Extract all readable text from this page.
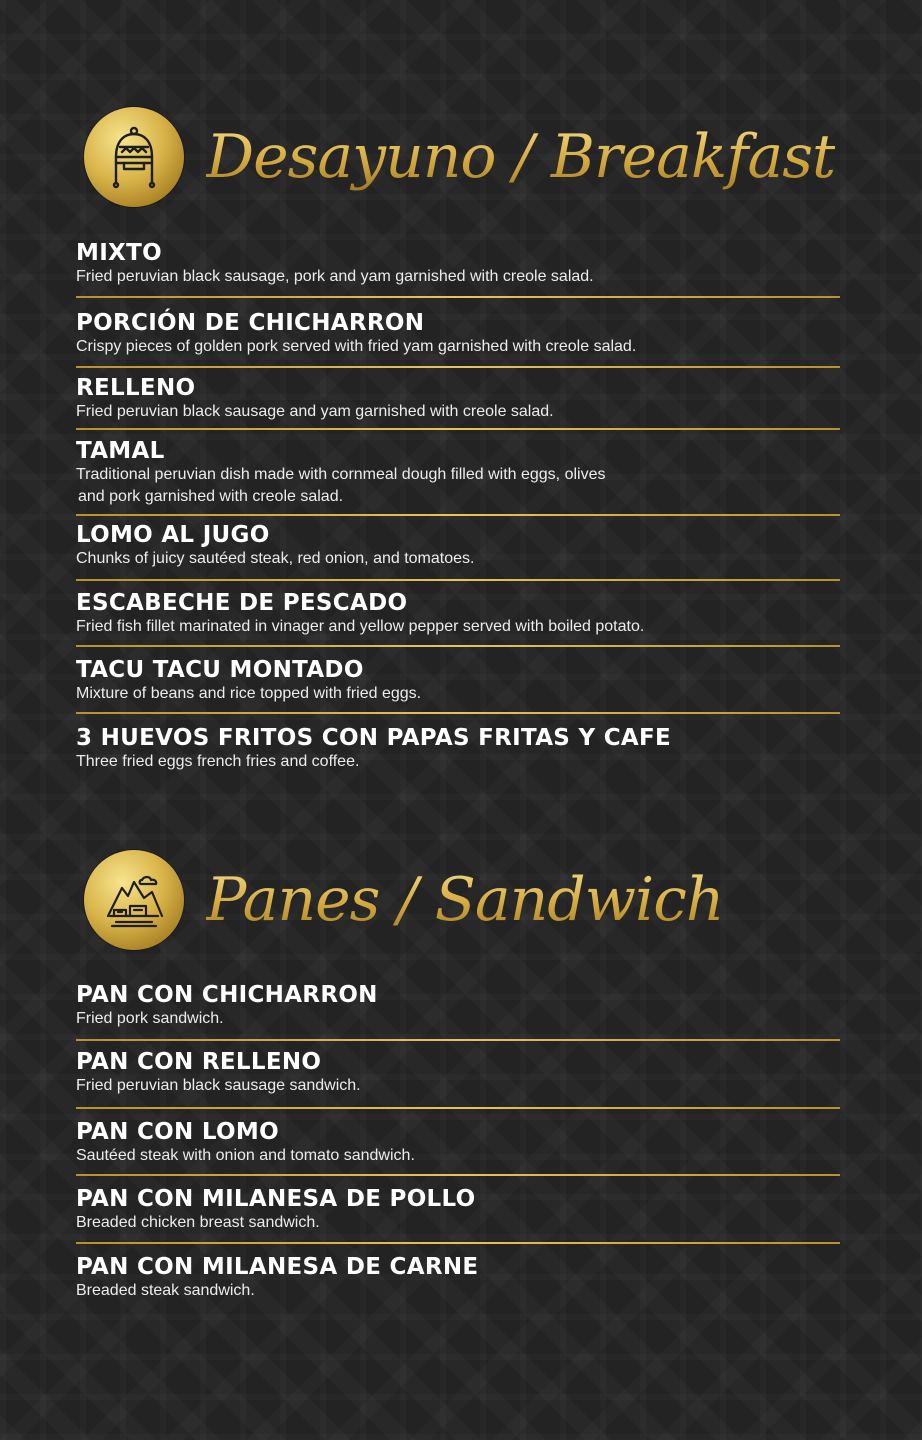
Desayuno / Breakfast
MIXTO
Fried peruvian black sausage, pork and yam garnished with creole salad.
PORCIÓN DE CHICHARRON
Crispy pieces of golden pork served with fried yam garnished with creole salad.
RELLENO
Fried peruvian black sausage and yam garnished with creole salad.
TAMAL
Traditional peruvian dish made with cornmeal dough filled with eggs, olives
and pork garnished with creole salad.
LOMO AL JUGO
Chunks of juicy sautéed steak, red onion, and tomatoes.
ESCABECHE DE PESCADO
Fried fish fillet marinated in vinager and yellow pepper served with boiled potato.
TACU TACU MONTADO
Mixture of beans and rice topped with fried eggs.
3 HUEVOS FRITOS CON PAPAS FRITAS Y CAFE
Three fried eggs french fries and coffee.
Panes / Sandwich
PAN CON CHICHARRON
Fried pork sandwich.
PAN CON RELLENO
Fried peruvian black sausage sandwich.
PAN CON LOMO
Sautéed steak with onion and tomato sandwich.
PAN CON MILANESA DE POLLO
Breaded chicken breast sandwich.
PAN CON MILANESA DE CARNE
Breaded steak sandwich.
